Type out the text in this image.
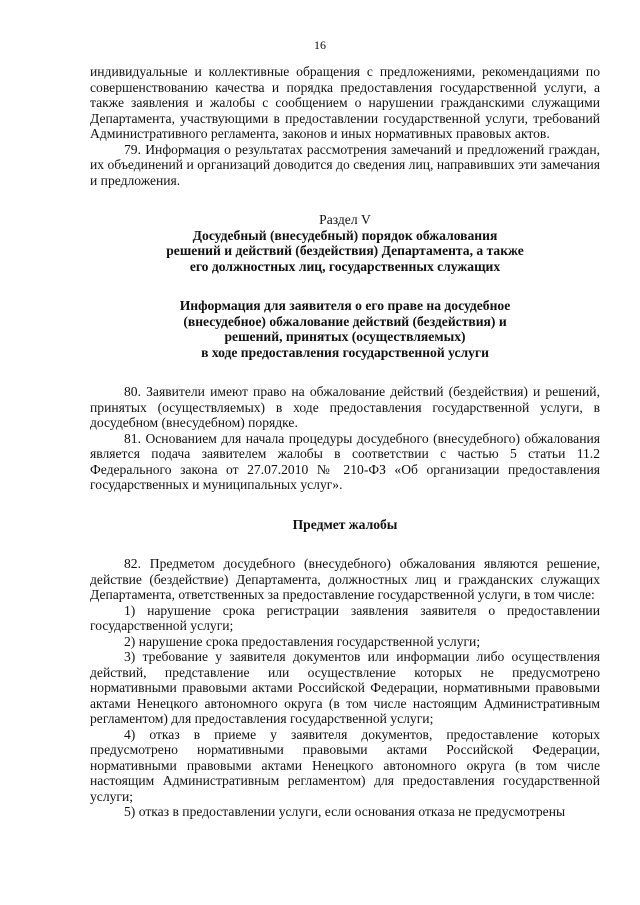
16

индивидуальные и коллективные обращения с предложениями, рекомендациями по совершенствованию качества и порядка предоставления государственной услуги, а также заявления и жалобы с сообщением о нарушении гражданскими служащими Департамента, участвующими в предоставлении государственной услуги, требований Административного регламента, законов и иных нормативных правовых актов.

79. Информация о результатах рассмотрения замечаний и предложений граждан, их объединений и организаций доводится до сведения лиц, направивших эти замечания и предложения.

Раздел V

Досудебный (внесудебный) порядок обжалования
решений и действий (бездействия) Департамента, а также
его должностных лиц, государственных служащих
Информация для заявителя о его праве на досудебное
(внесудебное) обжалование действий (бездействия) и
решений, принятых (осуществляемых)
в ходе предоставления государственной услуги

80. Заявители имеют право на обжалование действий (бездействия) и решений, принятых (осуществляемых) в ходе предоставления государственной услуги, в досудебном (внесудебном) порядке.

81. Основанием для начала процедуры досудебного (внесудебного) обжалования является подача заявителем жалобы в соответствии с частью 5 статьи 11.2 Федерального закона от 27.07.2010 № 210-ФЗ «Об организации предоставления государственных и муниципальных услуг».

Предмет жалобы

82. Предметом досудебного (внесудебного) обжалования являются решение, действие (бездействие) Департамента, должностных лиц и гражданских служащих Департамента, ответственных за предоставление государственной услуги, в том числе:

1) нарушение срока регистрации заявления заявителя о предоставлении государственной услуги;

2) нарушение срока предоставления государственной услуги;

3) требование у заявителя документов или информации либо осуществления действий, представление или осуществление которых не предусмотрено нормативными правовыми актами Российской Федерации, нормативными правовыми актами Ненецкого автономного округа (в том числе настоящим Административным регламентом) для предоставления государственной услуги;

4) отказ в приеме у заявителя документов, предоставление которых предусмотрено нормативными правовыми актами Российской Федерации, нормативными правовыми актами Ненецкого автономного округа (в том числе настоящим Административным регламентом) для предоставления государственной услуги;

5) отказ в предоставлении услуги, если основания отказа не предусмотрены
